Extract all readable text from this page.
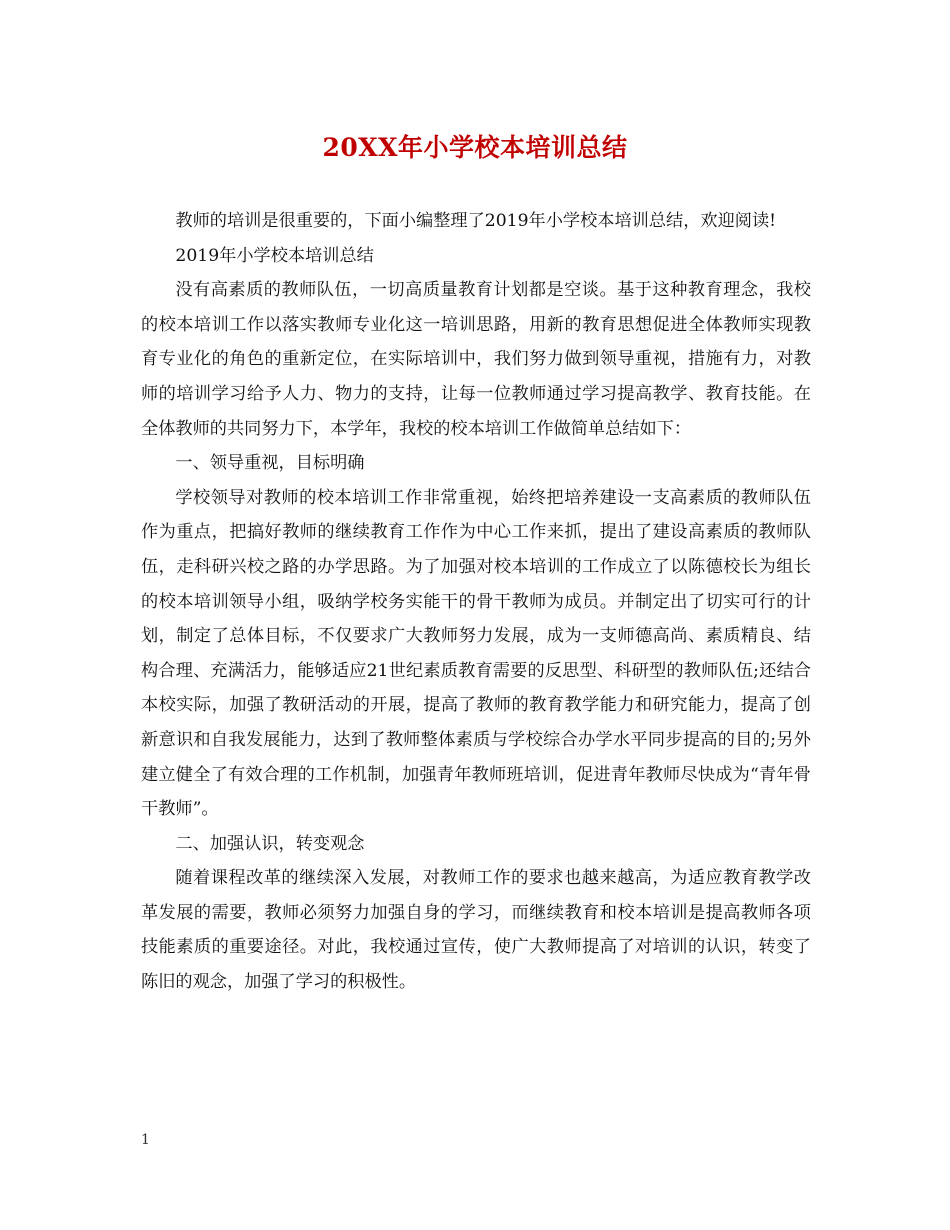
20XX年小学校本培训总结

教师的培训是很重要的，下面小编整理了2019年小学校本培训总结，欢迎阅读!

2019年小学校本培训总结

没有高素质的教师队伍，一切高质量教育计划都是空谈。基于这种教育理念，我校的校本培训工作以落实教师专业化这一培训思路，用新的教育思想促进全体教师实现教育专业化的角色的重新定位，在实际培训中，我们努力做到领导重视，措施有力，对教师的培训学习给予人力、物力的支持，让每一位教师通过学习提高教学、教育技能。在全体教师的共同努力下，本学年，我校的校本培训工作做简单总结如下：

一、领导重视，目标明确

学校领导对教师的校本培训工作非常重视，始终把培养建设一支高素质的教师队伍作为重点，把搞好教师的继续教育工作作为中心工作来抓，提出了建设高素质的教师队伍，走科研兴校之路的办学思路。为了加强对校本培训的工作成立了以陈德校长为组长的校本培训领导小组，吸纳学校务实能干的骨干教师为成员。并制定出了切实可行的计划，制定了总体目标，不仅要求广大教师努力发展，成为一支师德高尚、素质精良、结构合理、充满活力，能够适应21世纪素质教育需要的反思型、科研型的教师队伍;还结合本校实际，加强了教研活动的开展，提高了教师的教育教学能力和研究能力，提高了创新意识和自我发展能力，达到了教师整体素质与学校综合办学水平同步提高的目的;另外建立健全了有效合理的工作机制，加强青年教师班培训，促进青年教师尽快成为“青年骨干教师”。

二、加强认识，转变观念

随着课程改革的继续深入发展，对教师工作的要求也越来越高，为适应教育教学改革发展的需要，教师必须努力加强自身的学习，而继续教育和校本培训是提高教师各项技能素质的重要途径。对此，我校通过宣传，使广大教师提高了对培训的认识，转变了陈旧的观念，加强了学习的积极性。

1
